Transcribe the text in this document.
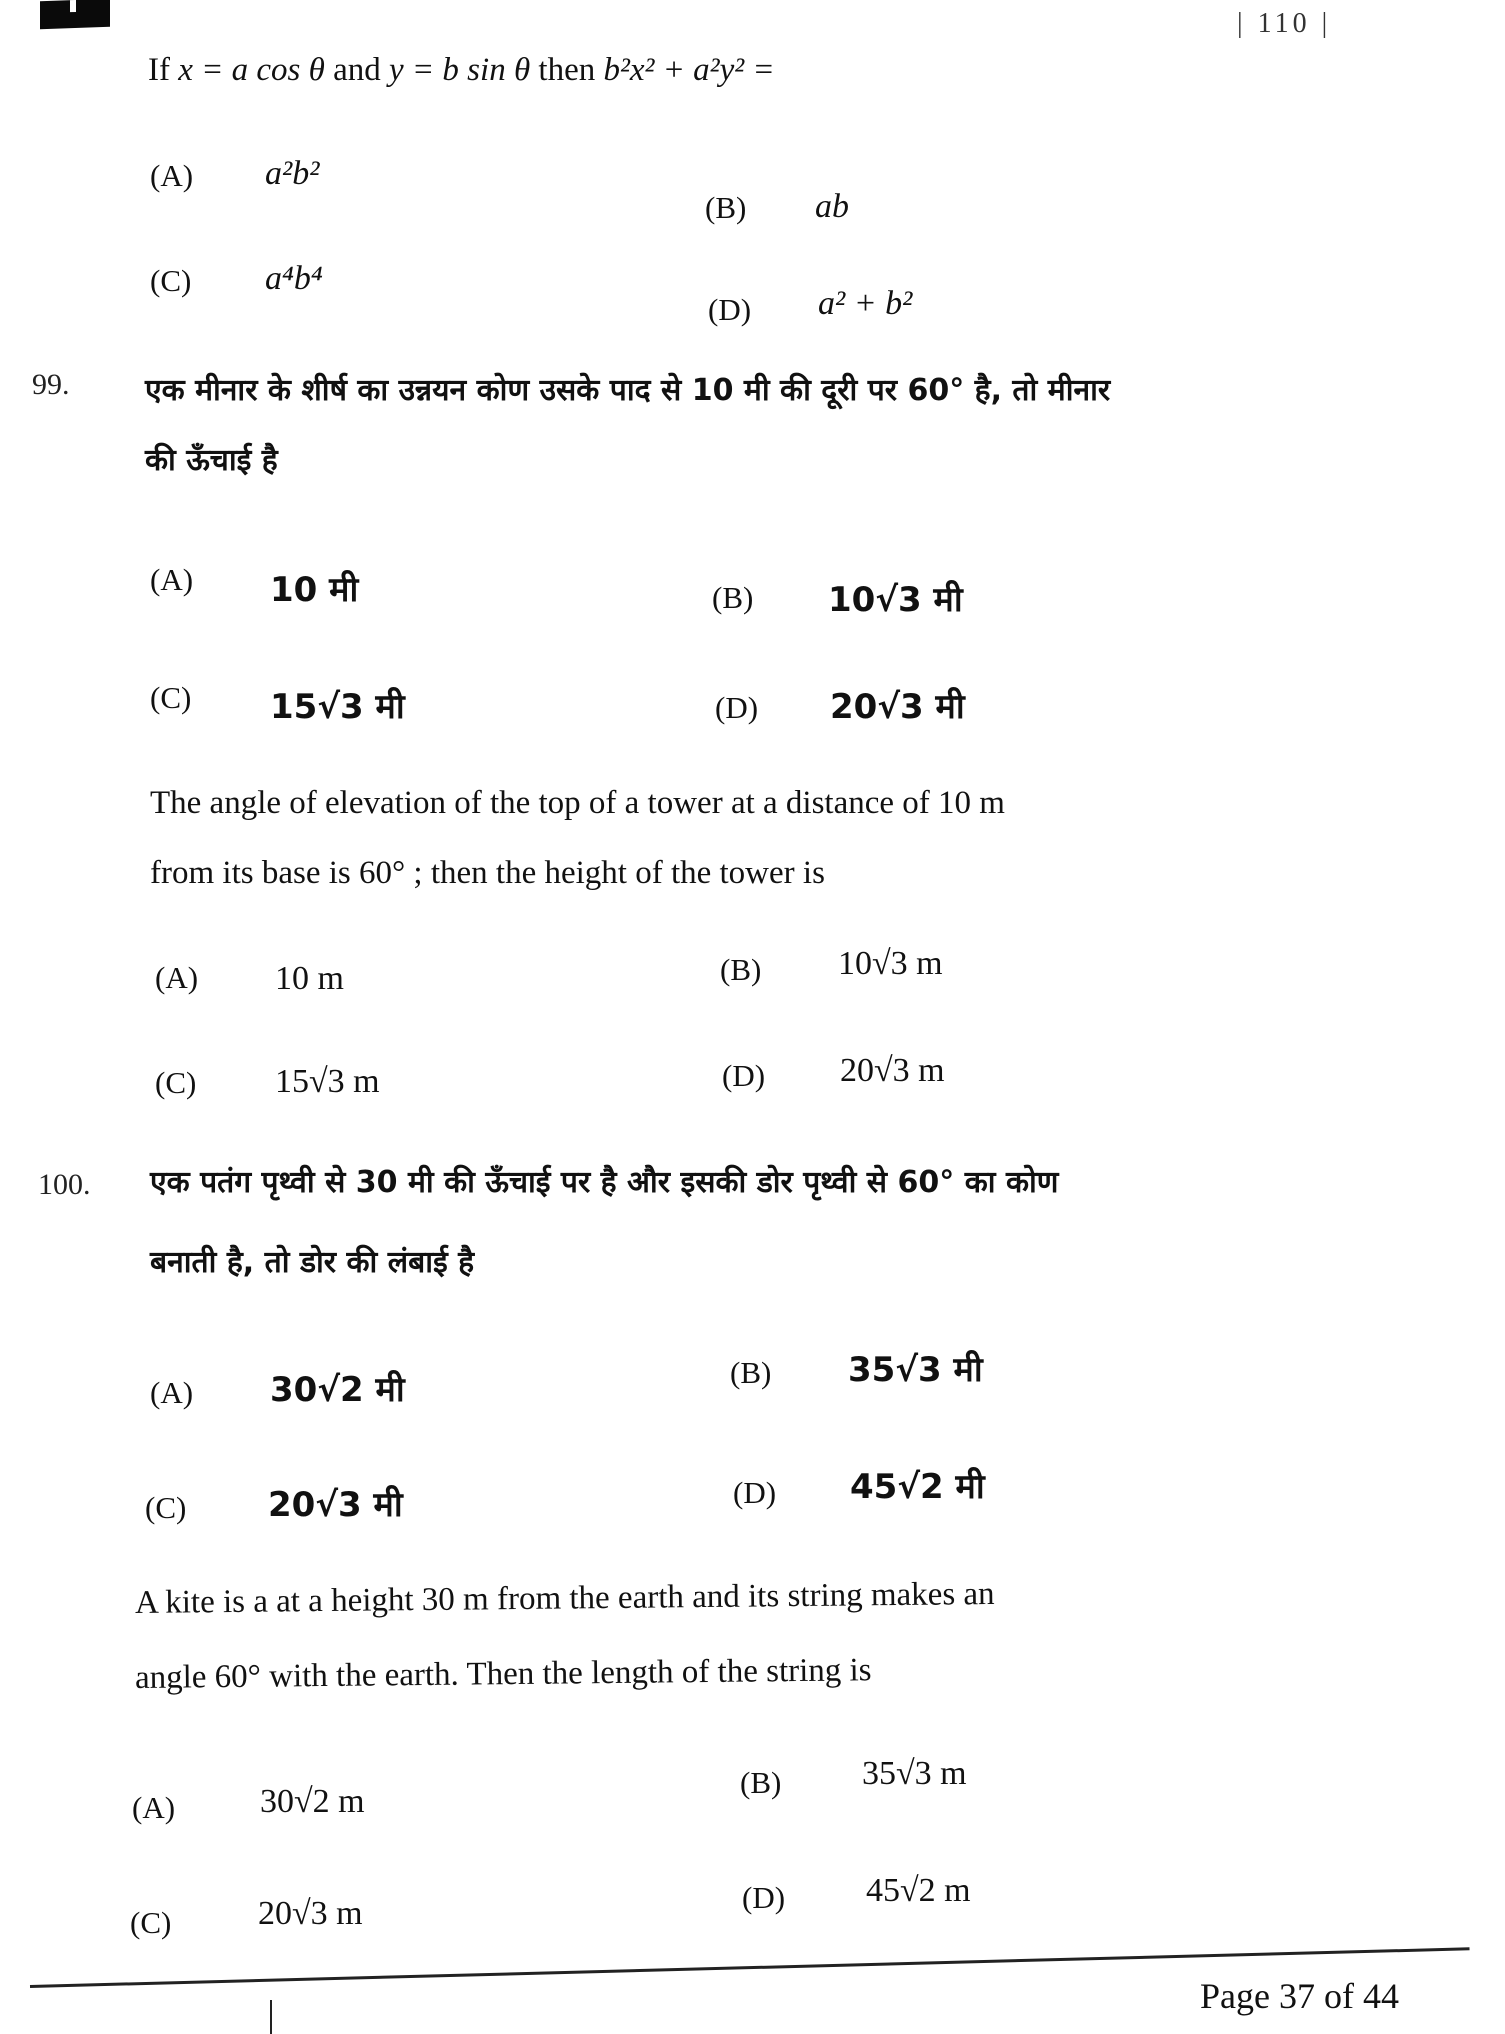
| 110 |
If x = a cos θ and y = b sin θ then b²x² + a²y² =
(A) a²b²
(B) ab
(C) a⁴b⁴
(D) a² + b²
99.	एक मीनार के शीर्ष का उन्नयन कोण उसके पाद से 10 मी की दूरी पर 60° है, तो मीनार
की ऊँचाई है
(A) 10 मी	(B) 10√3 मी
(C) 15√3 मी	(D) 20√3 मी
The angle of elevation of the top of a tower at a distance of 10 m
from its base is 60° ; then the height of the tower is
(A) 10 m	(B) 10√3 m
(C) 15√3 m	(D) 20√3 m
100. एक पतंग पृथ्वी से 30 मी की ऊँचाई पर है और इसकी डोर पृथ्वी से 60° का कोण
बनाती है, तो डोर की लंबाई है
(A) 30√2 मी	(B) 35√3 मी
(C) 20√3 मी	(D) 45√2 मी
A kite is a at a height 30 m from the earth and its string makes an
angle 60° with the earth. Then the length of the string is
(A) 30√2 m
(B) 35√3 m
(C)	20√3 m	(D) 45√2 m
Page 37 of 44
